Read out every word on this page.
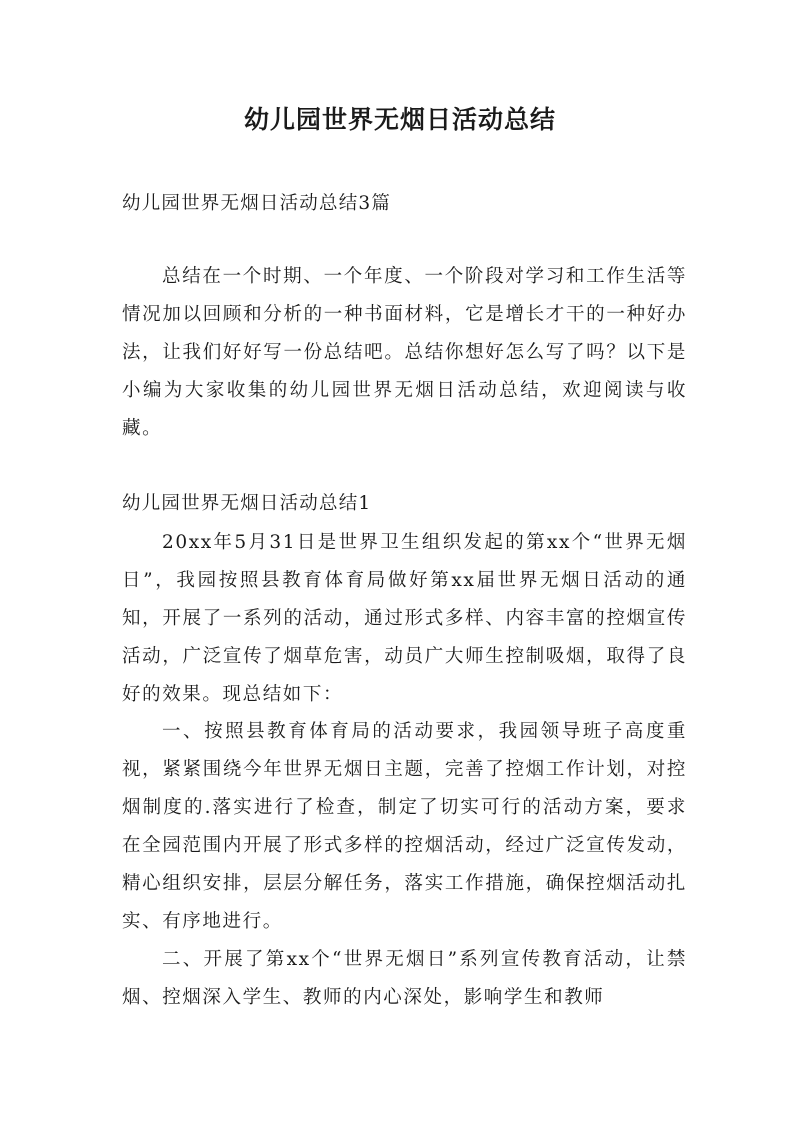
幼儿园世界无烟日活动总结

幼儿园世界无烟日活动总结3篇

总结在一个时期、一个年度、一个阶段对学习和工作生活等情况加以回顾和分析的一种书面材料，它是增长才干的一种好办法，让我们好好写一份总结吧。总结你想好怎么写了吗？以下是小编为大家收集的幼儿园世界无烟日活动总结，欢迎阅读与收藏。

幼儿园世界无烟日活动总结1

20xx年5月31日是世界卫生组织发起的第xx个“世界无烟日”，我园按照县教育体育局做好第xx届世界无烟日活动的通知，开展了一系列的活动，通过形式多样、内容丰富的控烟宣传活动，广泛宣传了烟草危害，动员广大师生控制吸烟，取得了良好的效果。现总结如下：

一、按照县教育体育局的活动要求，我园领导班子高度重视，紧紧围绕今年世界无烟日主题，完善了控烟工作计划，对控烟制度的.落实进行了检查，制定了切实可行的活动方案，要求在全园范围内开展了形式多样的控烟活动，经过广泛宣传发动，精心组织安排，层层分解任务，落实工作措施，确保控烟活动扎实、有序地进行。

二、开展了第xx个“世界无烟日”系列宣传教育活动，让禁烟、控烟深入学生、教师的内心深处，影响学生和教师
